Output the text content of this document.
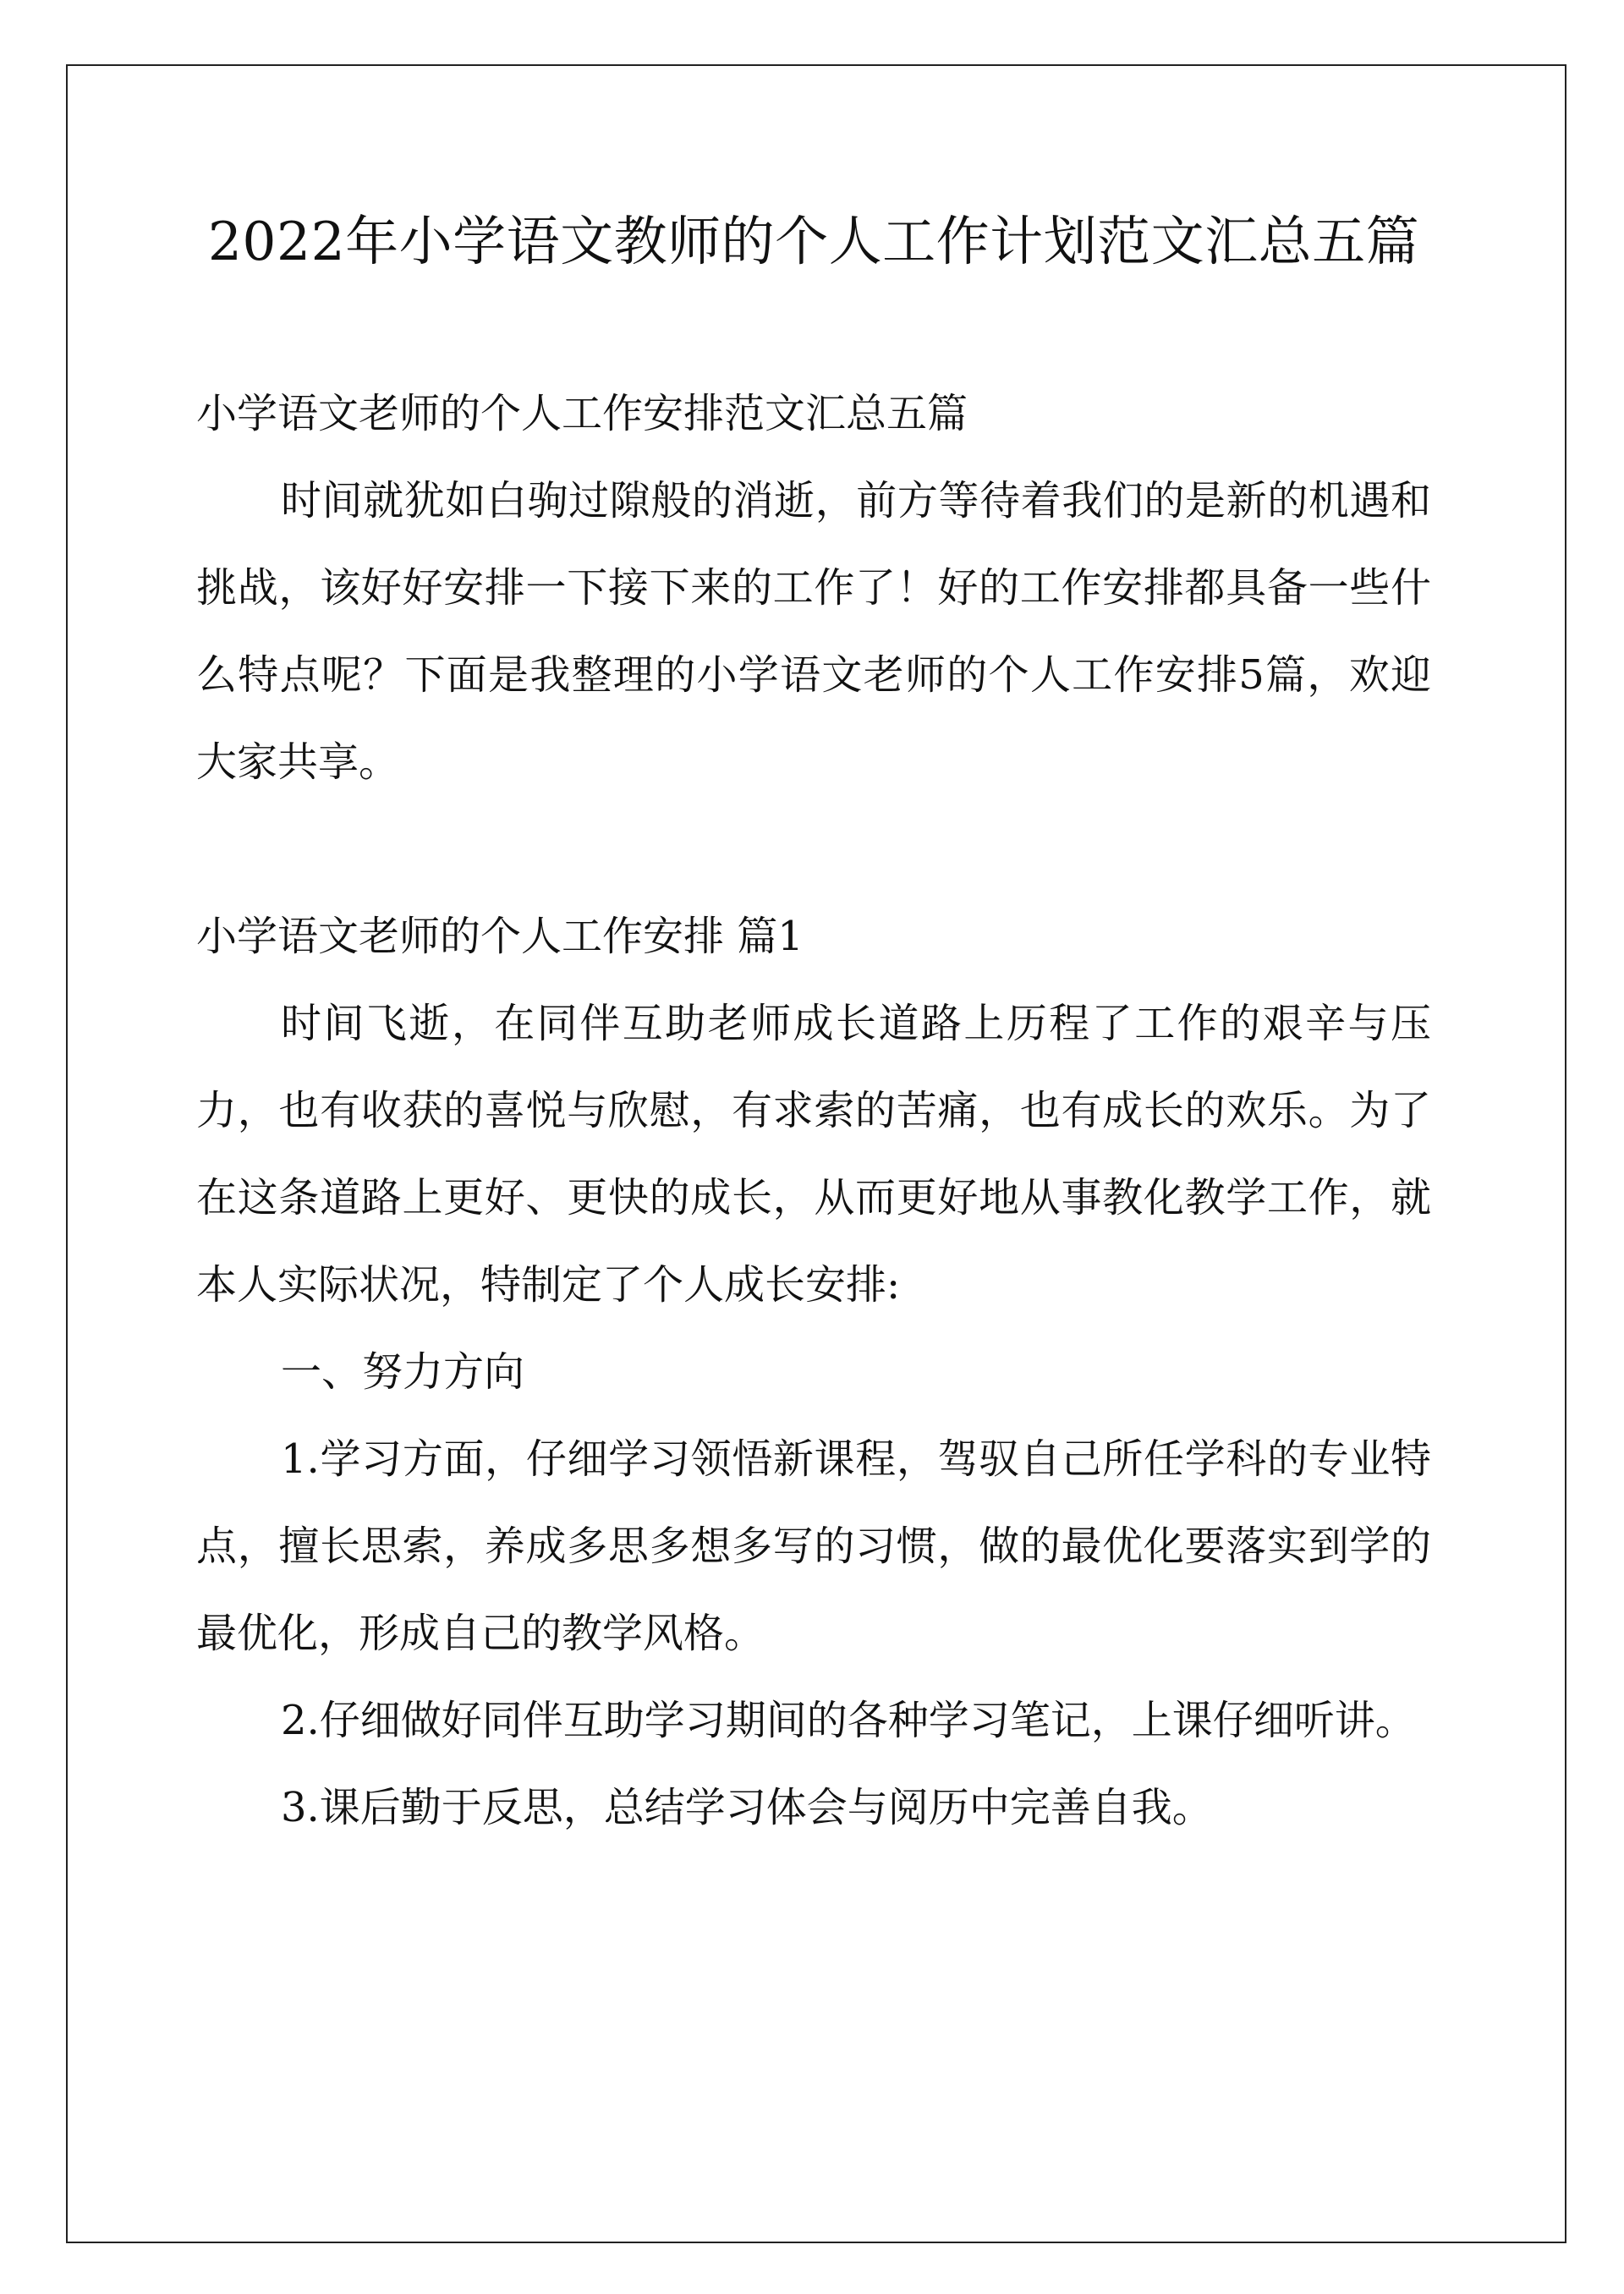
2022年小学语文教师的个人工作计划范文汇总五篇

小学语文老师的个人工作安排范文汇总五篇

时间就犹如白驹过隙般的消逝，前方等待着我们的是新的机遇和挑战，该好好安排一下接下来的工作了！好的工作安排都具备一些什么特点呢？下面是我整理的小学语文老师的个人工作安排5篇，欢迎大家共享。

小学语文老师的个人工作安排 篇1

时间飞逝，在同伴互助老师成长道路上历程了工作的艰辛与压力，也有收获的喜悦与欣慰，有求索的苦痛，也有成长的欢乐。为了在这条道路上更好、更快的成长，从而更好地从事教化教学工作，就本人实际状况，特制定了个人成长安排:

一、努力方向

1.学习方面，仔细学习领悟新课程，驾驭自己所任学科的专业特点，擅长思索，养成多思多想多写的习惯，做的最优化要落实到学的最优化，形成自己的教学风格。

2.仔细做好同伴互助学习期间的各种学习笔记，上课仔细听讲。

3.课后勤于反思，总结学习体会与阅历中完善自我。
